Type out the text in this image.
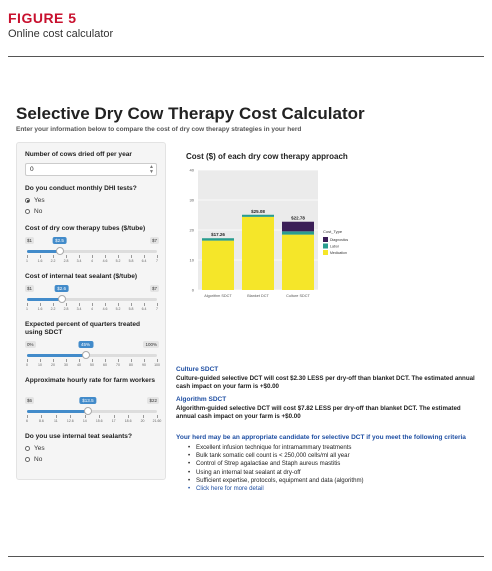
FIGURE 5
Online cost calculator
Selective Dry Cow Therapy Cost Calculator
Enter your information below to compare the cost of dry cow therapy strategies in your herd
Number of cows dried off per year
0	▲
▼
Do you conduct monthly DHI tests?
Yes
No
Cost of dry cow therapy tubes ($/tube)
$1	$7
$2.5
1	1.6 2.2 2.8 3.4	4	4.6 5.2 5.8 6.4	7
Cost of internal teat sealant ($/tube)
$1	$7
$2.6
1	1.6 2.2 2.8 3.4	4	4.6 5.2 5.8 6.4	7
Expected percent of quarters treated using SDCT
0%	100%
45%
0	10	20	30	40	50	60	70	80	90 100
Approximate hourly rate for farm workers
$6	$22
$13.5
6	8.6	11	12.6	14	15.6	17	18.6	20 21.60
Do you use internal teat sealants?
Yes
No
Cost ($) of each dry cow therapy approach
0
10
20
30
40
$17.26
Algorithm SDCT
$25.08
Blanket DCT
$22.78
Culture SDCT
Cost_Type
Diagnostics
Labor
Medication
Culture SDCT
Culture-guided selective DCT will cost $2.30 LESS per dry-off than blanket DCT. The estimated annual cash impact on your farm is +$0.00
Algorithm SDCT
Algorithm-guided selective DCT will cost $7.82 LESS per dry-off than blanket DCT. The estimated annual cash impact on your farm is +$0.00
Your herd may be an appropriate candidate for selective DCT if you meet the following criteria
• Excellent infusion technique for intramammary treatments
• Bulk tank somatic cell count is < 250,000 cells/ml all year
• Control of Strep agalactiae and Staph aureus mastitis
• Using an internal teat sealant at dry-off
• Sufficient expertise, protocols, equipment and data (algorithm)
• Click here for more detail
